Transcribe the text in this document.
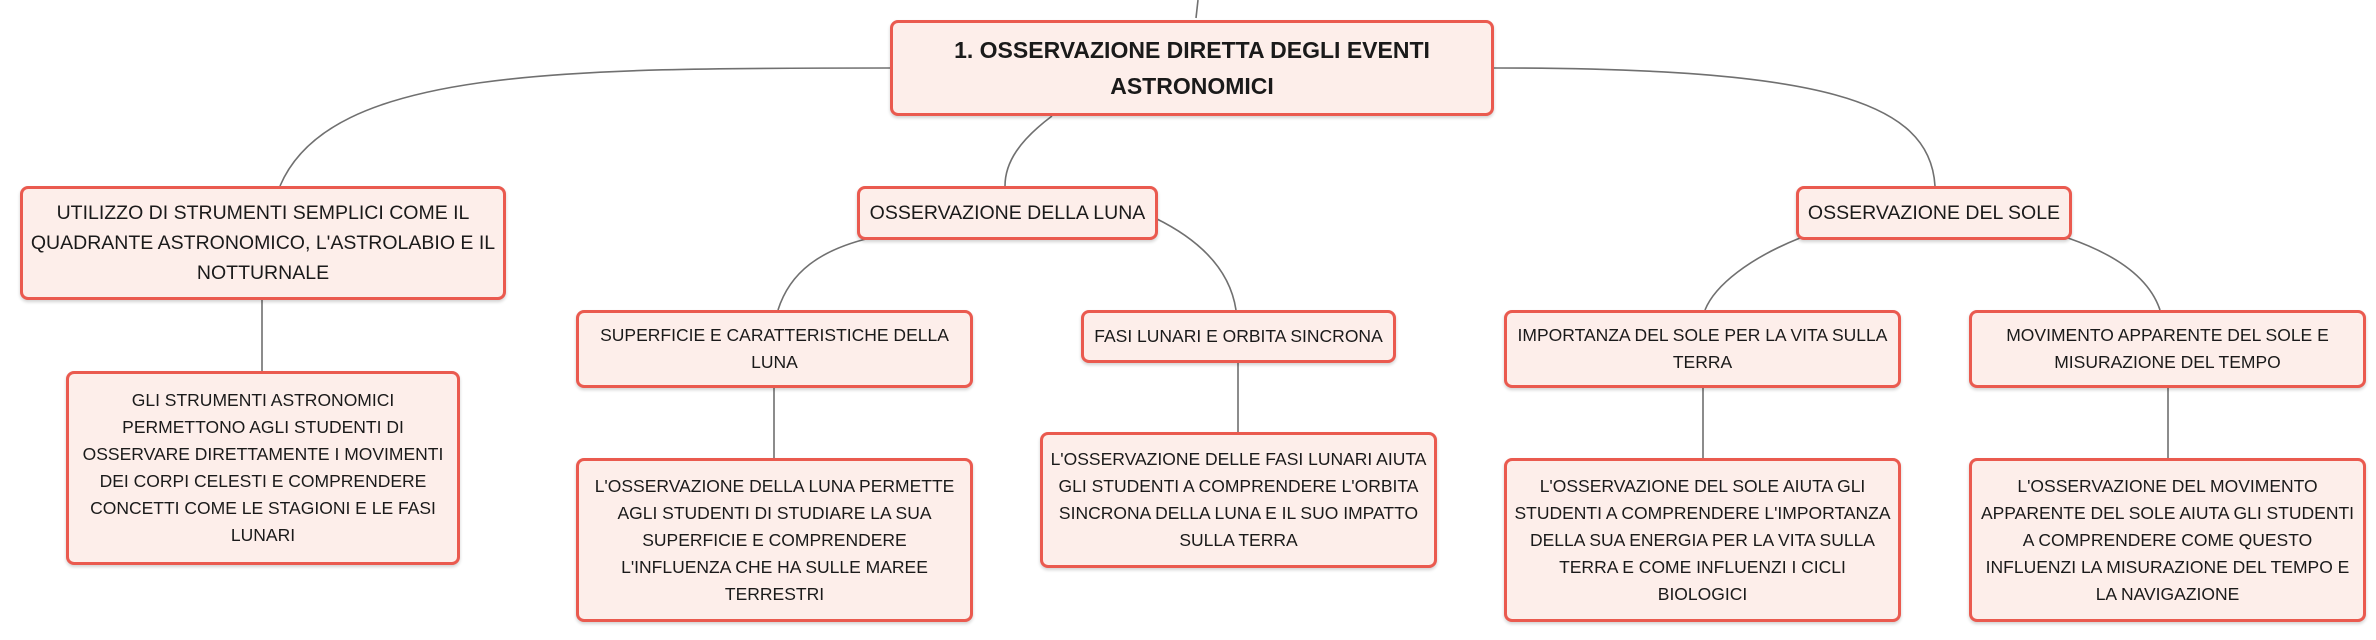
1. OSSERVAZIONE DIRETTA DEGLI EVENTI ASTRONOMICI
UTILIZZO DI STRUMENTI SEMPLICI COME IL QUADRANTE ASTRONOMICO, L'ASTROLABIO E IL NOTTURNALE
GLI STRUMENTI ASTRONOMICI PERMETTONO AGLI STUDENTI DI OSSERVARE DIRETTAMENTE I MOVIMENTI DEI CORPI CELESTI E COMPRENDERE CONCETTI COME LE STAGIONI E LE FASI LUNARI
OSSERVAZIONE DELLA LUNA
SUPERFICIE E CARATTERISTICHE DELLA LUNA
L'OSSERVAZIONE DELLA LUNA PERMETTE AGLI STUDENTI DI STUDIARE LA SUA SUPERFICIE E COMPRENDERE L'INFLUENZA CHE HA SULLE MAREE TERRESTRI
FASI LUNARI E ORBITA SINCRONA
L'OSSERVAZIONE DELLE FASI LUNARI AIUTA GLI STUDENTI A COMPRENDERE L'ORBITA SINCRONA DELLA LUNA E IL SUO IMPATTO SULLA TERRA
OSSERVAZIONE DEL SOLE
IMPORTANZA DEL SOLE PER LA VITA SULLA TERRA
L'OSSERVAZIONE DEL SOLE AIUTA GLI STUDENTI A COMPRENDERE L'IMPORTANZA DELLA SUA ENERGIA PER LA VITA SULLA TERRA E COME INFLUENZI I CICLI BIOLOGICI
MOVIMENTO APPARENTE DEL SOLE E MISURAZIONE DEL TEMPO
L'OSSERVAZIONE DEL MOVIMENTO APPARENTE DEL SOLE AIUTA GLI STUDENTI A COMPRENDERE COME QUESTO INFLUENZI LA MISURAZIONE DEL TEMPO E LA NAVIGAZIONE
